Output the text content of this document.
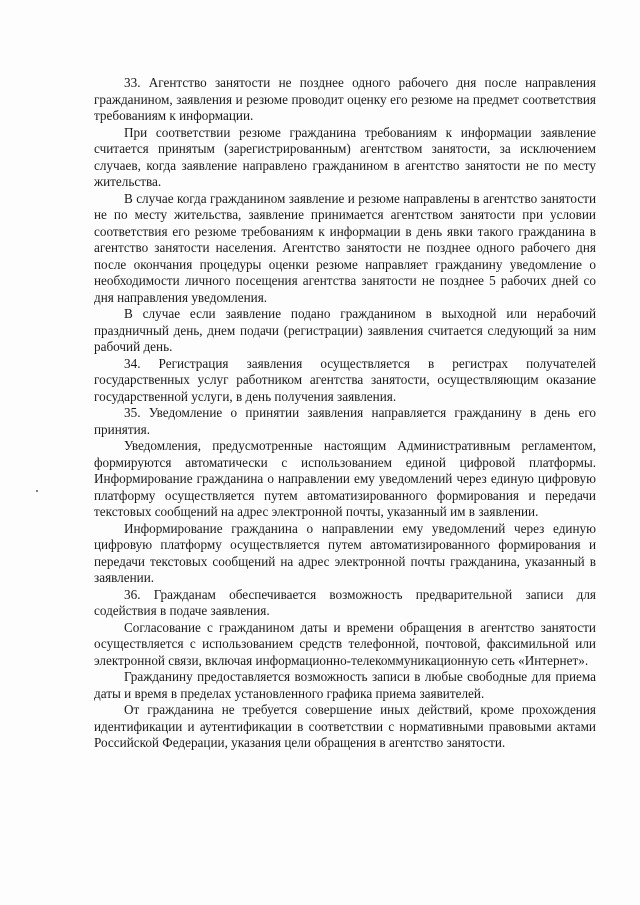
33. Агентство занятости не позднее одного рабочего дня после направления гражданином, заявления и резюме проводит оценку его резюме на предмет соответствия требованиям к информации.

При соответствии резюме гражданина требованиям к информации заявление считается принятым (зарегистрированным) агентством занятости, за исключением случаев, когда заявление направлено гражданином в агентство занятости не по месту жительства.

В случае когда гражданином заявление и резюме направлены в агентство занятости не по месту жительства, заявление принимается агентством занятости при условии соответствия его резюме требованиям к информации в день явки такого гражданина в агентство занятости населения. Агентство занятости не позднее одного рабочего дня после окончания процедуры оценки резюме направляет гражданину уведомление о необходимости личного посещения агентства занятости не позднее 5 рабочих дней со дня направления уведомления.

В случае если заявление подано гражданином в выходной или нерабочий праздничный день, днем подачи (регистрации) заявления считается следующий за ним рабочий день.

34. Регистрация заявления осуществляется в регистрах получателей государственных услуг работником агентства занятости, осуществляющим оказание государственной услуги, в день получения заявления.

35. Уведомление о принятии заявления направляется гражданину в день его принятия.

Уведомления, предусмотренные настоящим Административным регламентом, формируются автоматически с использованием единой цифровой платформы. Информирование гражданина о направлении ему уведомлений через единую цифровую платформу осуществляется путем автоматизированного формирования и передачи текстовых сообщений на адрес электронной почты, указанный им в заявлении.

Информирование гражданина о направлении ему уведомлений через единую цифровую платформу осуществляется путем автоматизированного формирования и передачи текстовых сообщений на адрес электронной почты гражданина, указанный в заявлении.

36. Гражданам обеспечивается возможность предварительной записи для содействия в подаче заявления.

Согласование с гражданином даты и времени обращения в агентство занятости осуществляется с использованием средств телефонной, почтовой, факсимильной или электронной связи, включая информационно-телекоммуникационную сеть «Интернет».

Гражданину предоставляется возможность записи в любые свободные для приема даты и время в пределах установленного графика приема заявителей.

От гражданина не требуется совершение иных действий, кроме прохождения идентификации и аутентификации в соответствии с нормативными правовыми актами Российской Федерации, указания цели обращения в агентство занятости.
